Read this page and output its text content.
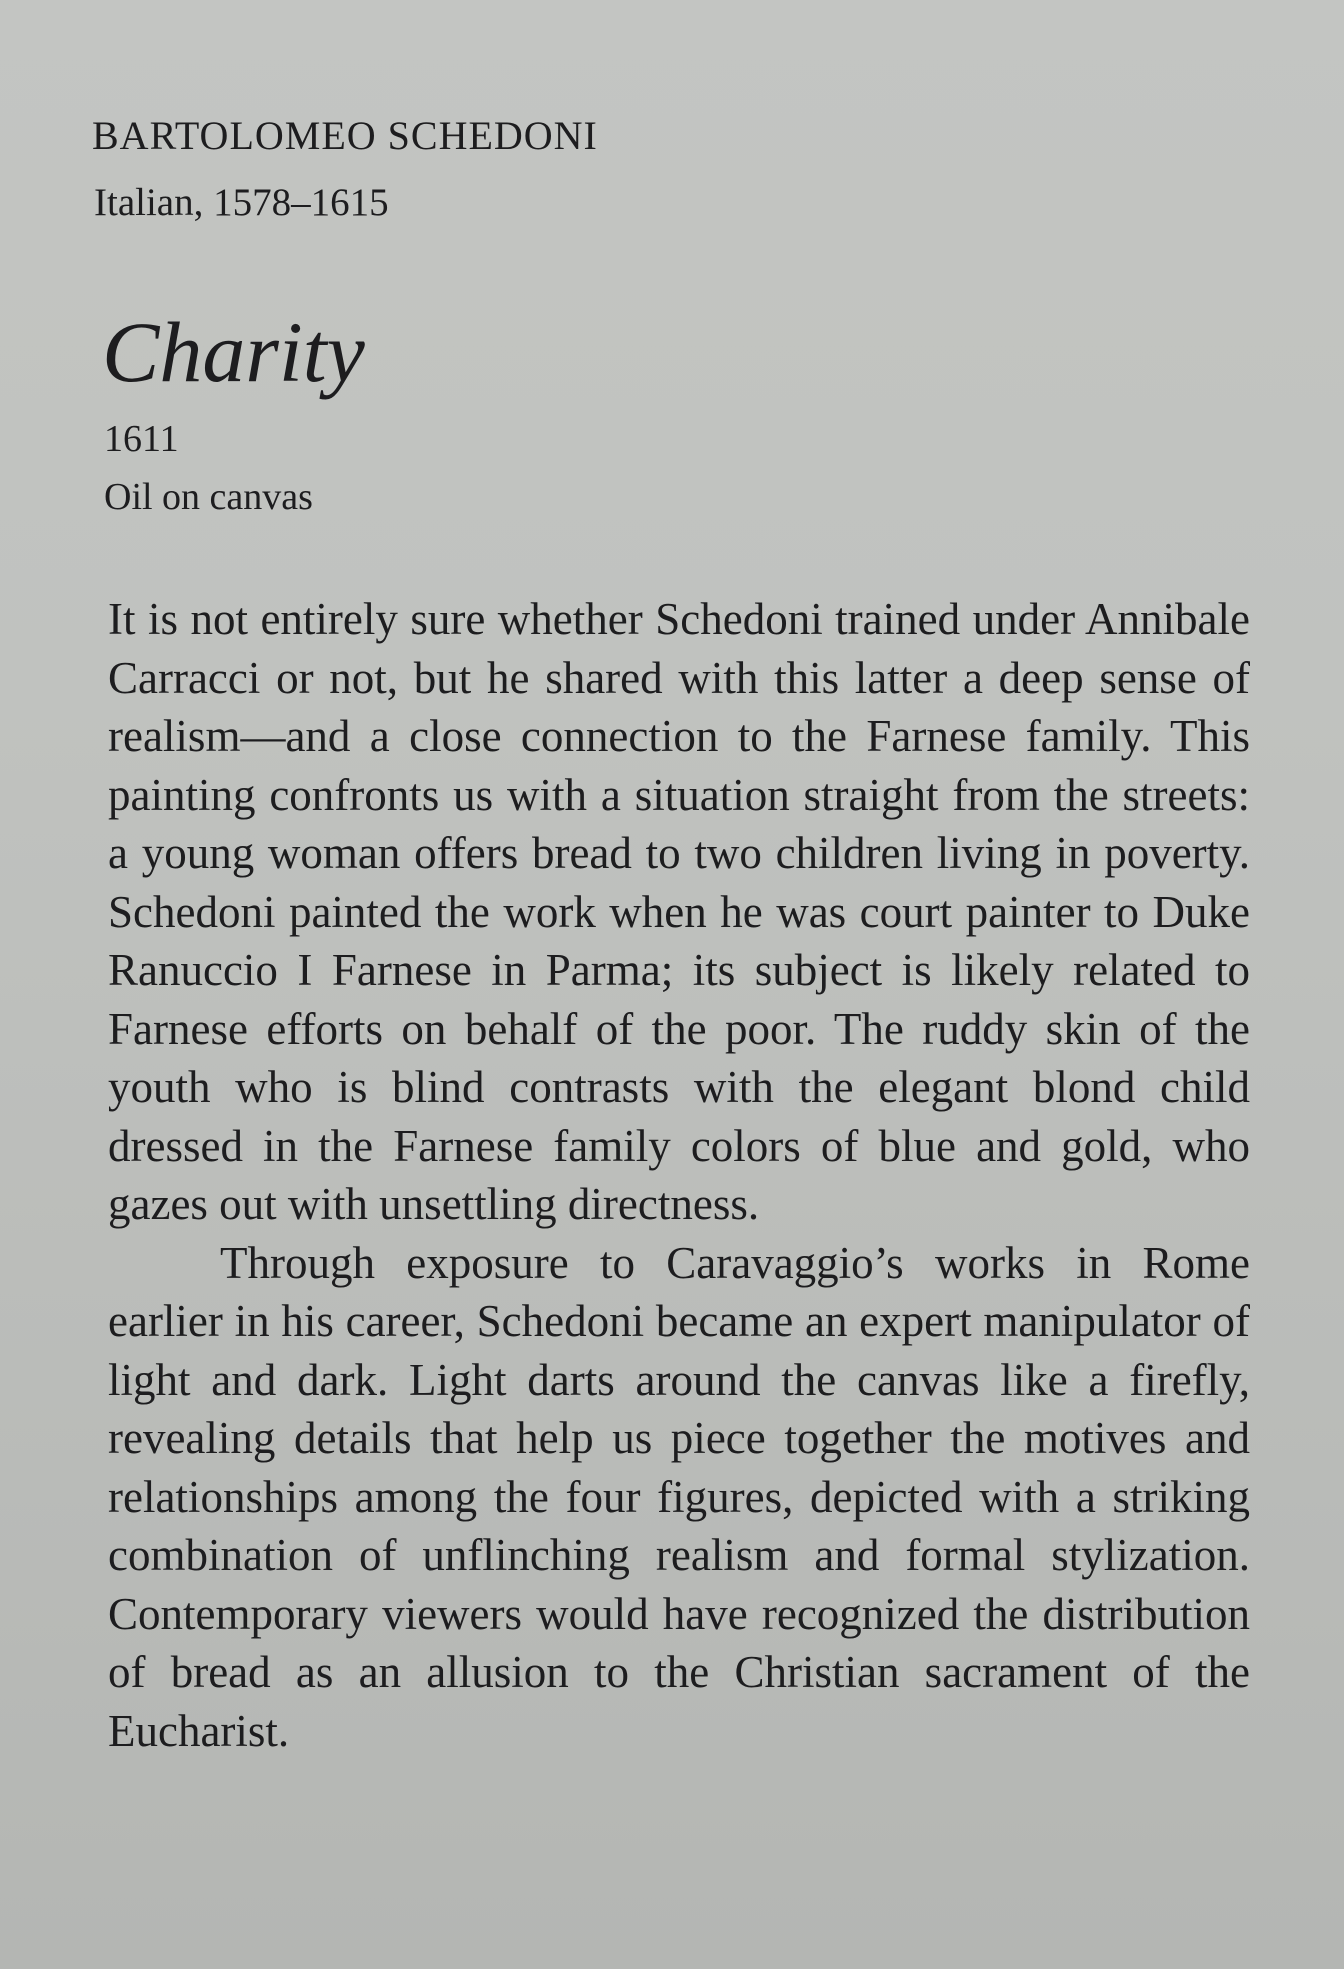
BARTOLOMEO SCHEDONI
Italian, 1578–1615
Charity
1611
Oil on canvas

It is not entirely sure whether Schedoni trained under Annibale Carracci or not, but he shared with this latter a deep sense of realism—and a close connection to the Farnese family. This painting confronts us with a situation straight from the streets: a young woman offers bread to two children living in poverty. Schedoni painted the work when he was court painter to Duke Ranuccio I Farnese in Parma; its subject is likely related to Farnese efforts on behalf of the poor. The ruddy skin of the youth who is blind contrasts with the elegant blond child dressed in the Farnese family colors of blue and gold, who gazes out with unsettling directness.

Through exposure to Caravaggio’s works in Rome earlier in his career, Schedoni became an expert manipulator of light and dark. Light darts around the canvas like a firefly, revealing details that help us piece together the motives and relationships among the four figures, depicted with a striking combination of unflinching realism and formal stylization. Contemporary viewers would have recognized the distribution of bread as an allusion to the Christian sacrament of the Eucharist.
